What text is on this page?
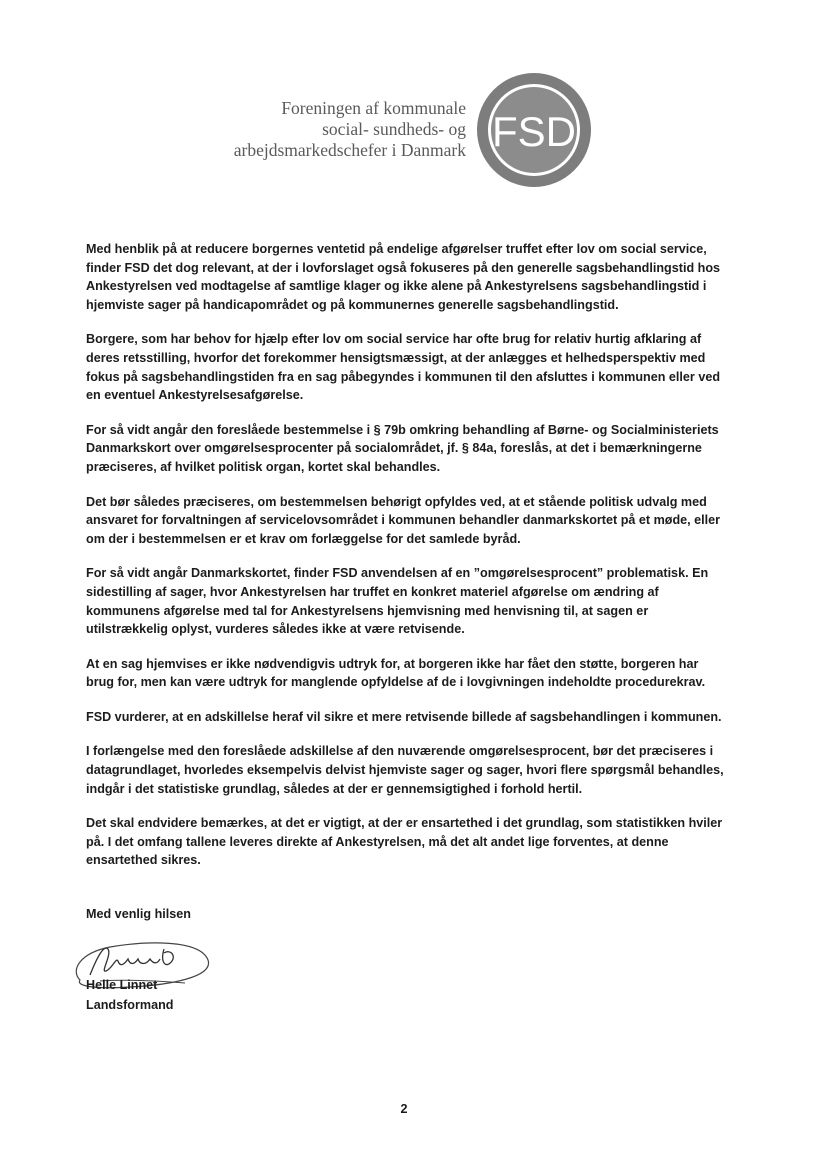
Foreningen af kommunale
social- sundheds- og
arbejdsmarkedschefer i Danmark FSD

Med henblik på at reducere borgernes ventetid på endelige afgørelser truffet efter lov om social service, finder FSD det dog relevant, at der i lovforslaget også fokuseres på den generelle sagsbehandlingstid hos Ankestyrelsen ved modtagelse af samtlige klager og ikke alene på Ankestyrelsens sagsbehandlingstid i hjemviste sager på handicapområdet og på kommunernes generelle sagsbehandlingstid.

Borgere, som har behov for hjælp efter lov om social service har ofte brug for relativ hurtig afklaring af deres retsstilling, hvorfor det forekommer hensigtsmæssigt, at der anlægges et helhedsperspektiv med fokus på sagsbehandlingstiden fra en sag påbegyndes i kommunen til den afsluttes i kommunen eller ved en eventuel Ankestyrelsesafgørelse.

For så vidt angår den foreslåede bestemmelse i § 79b omkring behandling af Børne- og Socialministeriets Danmarkskort over omgørelsesprocenter på socialområdet, jf. § 84a, foreslås, at det i bemærkningerne præciseres, af hvilket politisk organ, kortet skal behandles.

Det bør således præciseres, om bestemmelsen behørigt opfyldes ved, at et stående politisk udvalg med ansvaret for forvaltningen af servicelovsområdet i kommunen behandler danmarkskortet på et møde, eller om der i bestemmelsen er et krav om forlæggelse for det samlede byråd.

For så vidt angår Danmarkskortet, finder FSD anvendelsen af en ”omgørelsesprocent” problematisk. En sidestilling af sager, hvor Ankestyrelsen har truffet en konkret materiel afgørelse om ændring af kommunens afgørelse med tal for Ankestyrelsens hjemvisning med henvisning til, at sagen er utilstrækkelig oplyst, vurderes således ikke at være retvisende.

At en sag hjemvises er ikke nødvendigvis udtryk for, at borgeren ikke har fået den støtte, borgeren har brug for, men kan være udtryk for manglende opfyldelse af de i lovgivningen indeholdte procedurekrav.

FSD vurderer, at en adskillelse heraf vil sikre et mere retvisende billede af sagsbehandlingen i kommunen.

I forlængelse med den foreslåede adskillelse af den nuværende omgørelsesprocent, bør det præciseres i datagrundlaget, hvorledes eksempelvis delvist hjemviste sager og sager, hvori flere spørgsmål behandles, indgår i det statistiske grundlag, således at der er gennemsigtighed i forhold hertil.

Det skal endvidere bemærkes, at det er vigtigt, at der er ensartethed i det grundlag, som statistikken hviler på. I det omfang tallene leveres direkte af Ankestyrelsen, må det alt andet lige forventes, at denne ensartethed sikres.

Med venlig hilsen
Helle Linnet
Landsformand
2
